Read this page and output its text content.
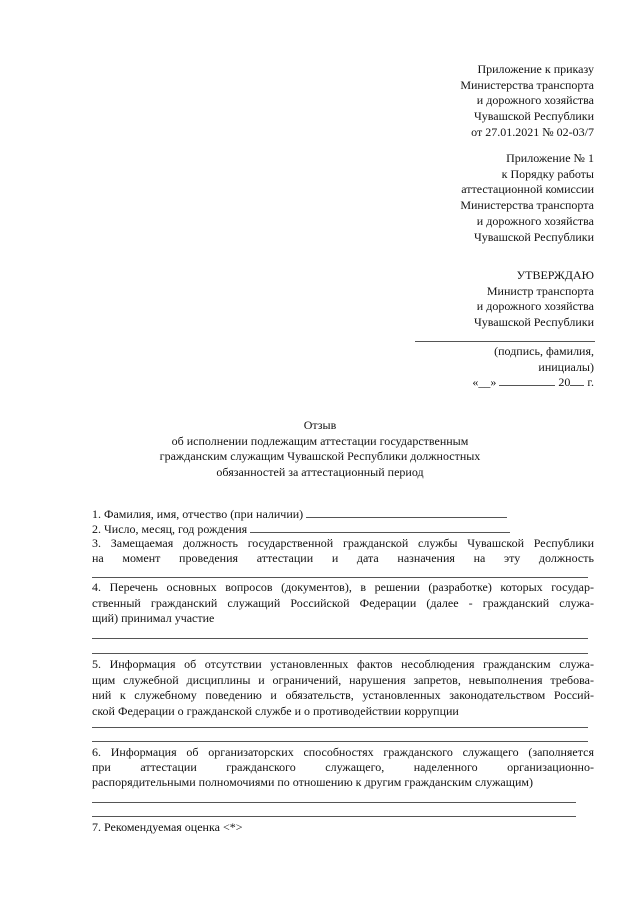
Приложение к приказу
Министерства транспорта
и дорожного хозяйства
Чувашской Республики
от 27.01.2021 № 02-03/7
Приложение № 1
к Порядку работы
аттестационной комиссии
Министерства транспорта
и дорожного хозяйства
Чувашской Республики
УТВЕРЖДАЮ
Министр транспорта
и дорожного хозяйства
Чувашской Республики
(подпись, фамилия,
инициалы)
«__»	20 г.
Отзыв
об исполнении подлежащим аттестации государственным
гражданским служащим Чувашской Республики должностных
обязанностей за аттестационный период
1. Фамилия, имя, отчество (при наличии)
2. Число, месяц, год рождения
3. Замещаемая должность государственной гражданской службы Чувашской Республики
на момент проведения аттестации и дата назначения на эту должность
4. Перечень основных вопросов (документов), в решении (разработке) которых государ-
ственный гражданский служащий Российской Федерации (далее - гражданский служа-
щий) принимал участие
5. Информация об отсутствии установленных фактов несоблюдения гражданским служа-
щим служебной дисциплины и ограничений, нарушения запретов, невыполнения требова-
ний к служебному поведению и обязательств, установленных законодательством Россий-
ской Федерации о гражданской службе и о противодействии коррупции
6. Информация об организаторских способностях гражданского служащего (заполняется
при аттестации гражданского служащего, наделенного организационно-
распорядительными полномочиями по отношению к другим гражданским служащим)
7. Рекомендуемая оценка <*>
